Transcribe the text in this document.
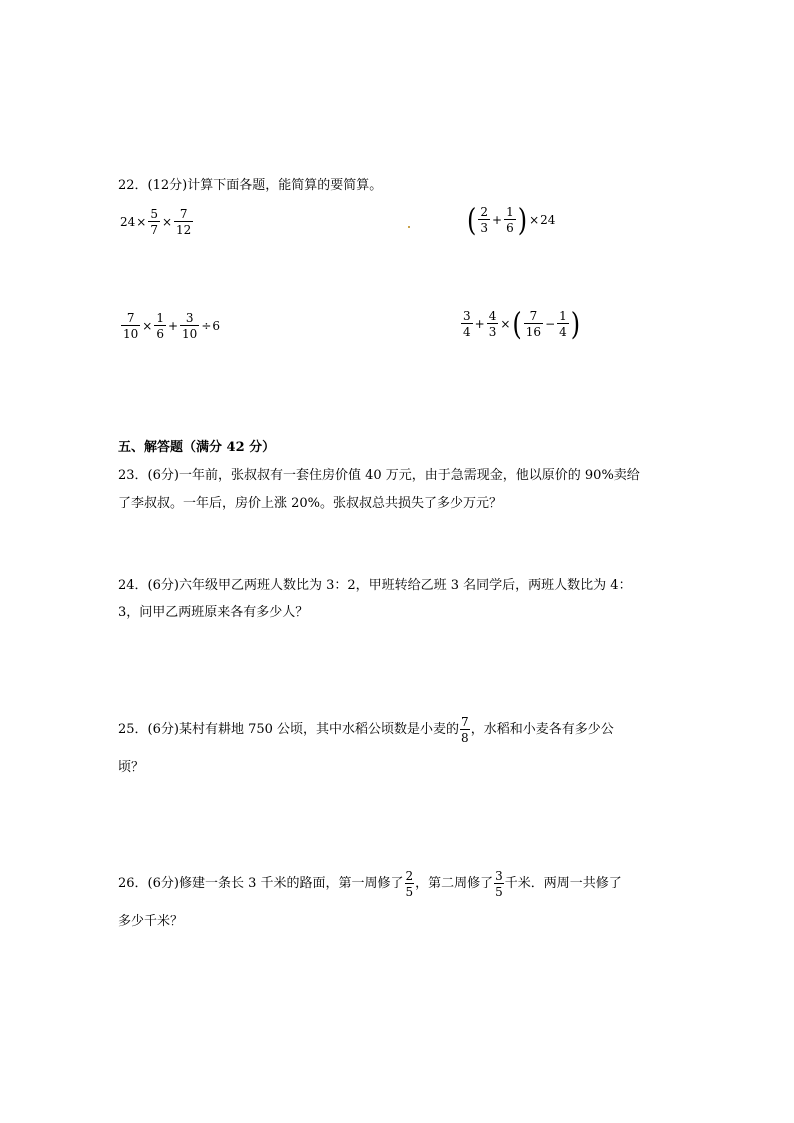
22．(12分)计算下面各题，能简算的要简算。
$24 \times \frac{5}{7} \times \frac{7}{12}$	( $\frac{2}{3} + \frac{1}{6}$ ) × 24
$\frac{7}{10} \times \frac{1}{6} + \frac{3}{10} \div 6$	$\frac{3}{4} + \frac{4}{3}$ × ( $\frac{7}{16} - \frac{1}{4}$ )
五、解答题（满分 42 分）
23．(6分)一年前，张叔叔有一套住房价值 40 万元，由于急需现金，他以原价的 90%卖给
了李叔叔。一年后，房价上涨 20%。张叔叔总共损失了多少万元？
24．(6分)六年级甲乙两班人数比为 3：2，甲班转给乙班 3 名同学后，两班人数比为 4：
3，问甲乙两班原来各有多少人？
25．(6分)某村有耕地 750 公顷，其中水稻公顷数是小麦的 $\frac{7}{8}$ ，水稻和小麦各有多少公
顷？
26．(6分)修建一条长 3 千米的路面，第一周修了 $\frac{2}{5}$ ，第二周修了 $\frac{3}{5}$ 千米．两周一共修了
多少千米？
